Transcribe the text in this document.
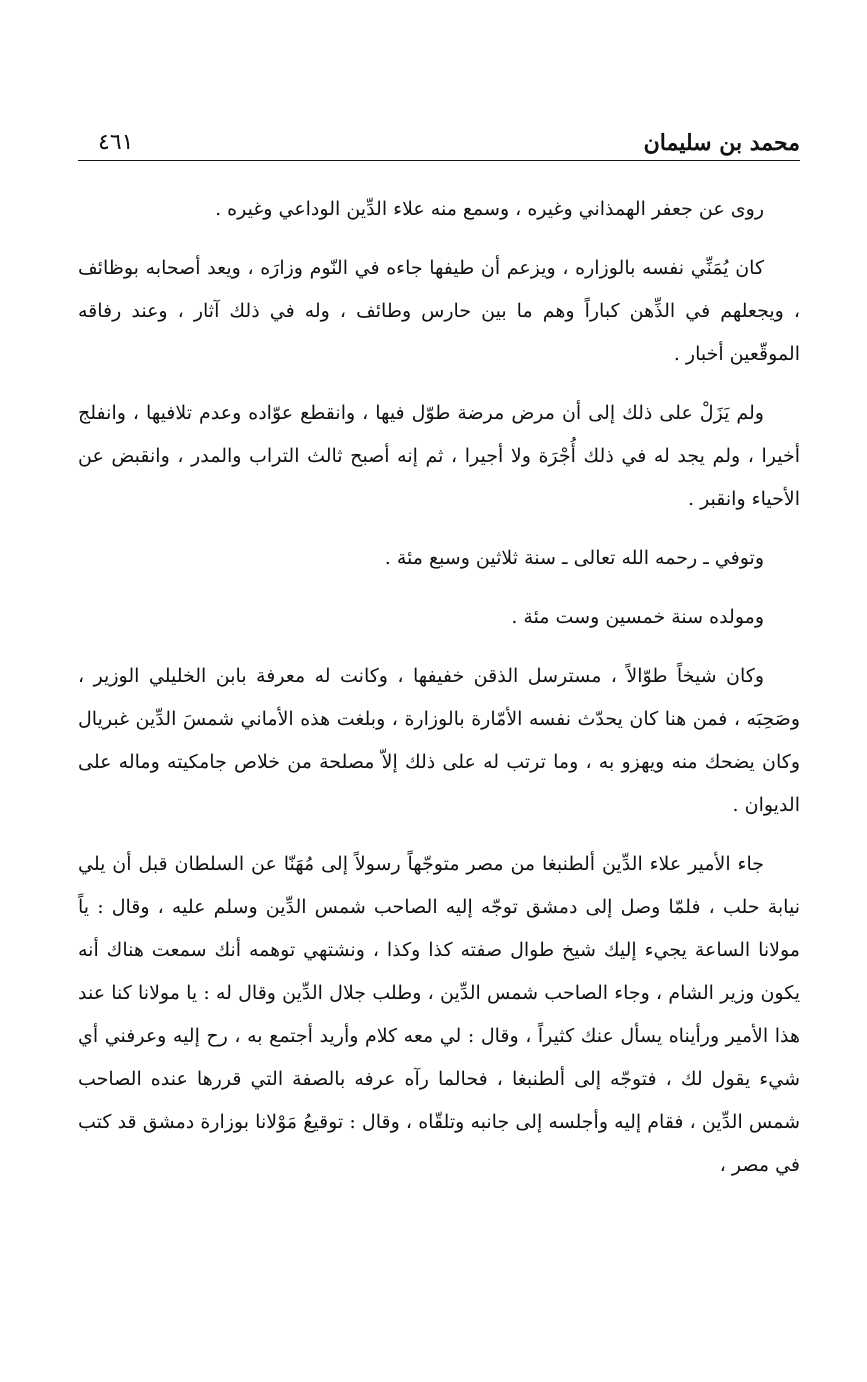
محمد بن سليمان
٤٦١

روى عن جعفر الهمذاني وغيره ، وسمع منه علاء الدِّين الوداعي وغيره .

كان يُمَنِّي نفسه بالوزاره ، ويزعم أن طيفها جاءه في النّوم وزارَه ، ويعد أصحابه بوظائف ، ويجعلهم في الذِّهن كباراً وهم ما بين حارس وطائف ، وله في ذلك آثار ، وعند رفاقه الموقّعين أخبار .

ولم يَزَلْ على ذلك إلى أن مرض مرضة طوّل فيها ، وانقطع عوّاده وعدم تلافيها ، وانفلج أخيرا ، ولم يجد له في ذلك أُجْرَة ولا أجيرا ، ثم إنه أصبح ثالث التراب والمدر ، وانقبض عن الأحياء وانقبر .

وتوفي ـ رحمه الله تعالى ـ سنة ثلاثين وسبع مئة .

ومولده سنة خمسين وست مئة .

وكان شيخاً طوّالاً ، مسترسل الذقن خفيفها ، وكانت له معرفة بابن الخليلي الوزير ، وصَحِبَه ، فمن هنا كان يحدّث نفسه الأمّارة بالوزارة ، وبلغت هذه الأماني شمسَ الدِّين غبريال وكان يضحك منه ويهزو به ، وما ترتب له على ذلك إلاّ مصلحة من خلاص جامكيته وماله على الديوان .

جاء الأمير علاء الدِّين ألطنبغا من مصر متوجّهاً رسولاً إلى مُهَنّا عن السلطان قبل أن يلي نيابة حلب ، فلمّا وصل إلى دمشق توجّه إليه الصاحب شمس الدِّين وسلم عليه ، وقال : ياً مولانا الساعة يجيء إليك شيخ طوال صفته كذا وكذا ، ونشتهي توهمه أنك سمعت هناك أنه يكون وزير الشام ، وجاء الصاحب شمس الدِّين ، وطلب جلال الدِّين وقال له : يا مولانا كنا عند هذا الأمير ورأيناه يسأل عنك كثيراً ، وقال : لي معه كلام وأريد أجتمع به ، رح إليه وعرفني أي شيء يقول لك ، فتوجّه إلى ألطنبغا ، فحالما رآه عرفه بالصفة التي قررها عنده الصاحب شمس الدِّين ، فقام إليه وأجلسه إلى جانبه وتلقّاه ، وقال : توقيعُ مَوْلانا بوزارة دمشق قد كتب في مصر ،
